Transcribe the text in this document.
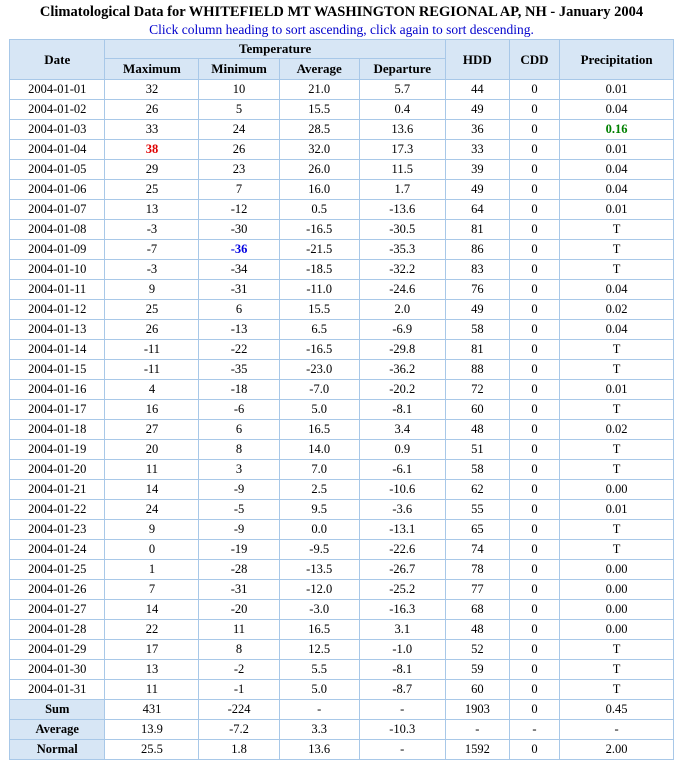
Climatological Data for WHITEFIELD MT WASHINGTON REGIONAL AP, NH - January 2004
Click column heading to sort ascending, click again to sort descending.
Date	Temperature				HDD	CDD	Precipitation
	Maximum	Minimum	Average	Departure			
2004-01-01	32	10	21.0	5.7	44	0	0.01
2004-01-02	26	5	15.5	0.4	49	0	0.04
2004-01-03	33	24	28.5	13.6	36	0	0.16
2004-01-04	38	26	32.0	17.3	33	0	0.01
2004-01-05	29	23	26.0	11.5	39	0	0.04
2004-01-06	25	7	16.0	1.7	49	0	0.04
2004-01-07	13	-12	0.5	-13.6	64	0	0.01
2004-01-08	-3	-30	-16.5	-30.5	81	0	T
2004-01-09	-7	-36	-21.5	-35.3	86	0	T
2004-01-10	-3	-34	-18.5	-32.2	83	0	T
2004-01-11	9	-31	-11.0	-24.6	76	0	0.04
2004-01-12	25	6	15.5	2.0	49	0	0.02
2004-01-13	26	-13	6.5	-6.9	58	0	0.04
2004-01-14	-11	-22	-16.5	-29.8	81	0	T
2004-01-15	-11	-35	-23.0	-36.2	88	0	T
2004-01-16	4	-18	-7.0	-20.2	72	0	0.01
2004-01-17	16	-6	5.0	-8.1	60	0	T
2004-01-18	27	6	16.5	3.4	48	0	0.02
2004-01-19	20	8	14.0	0.9	51	0	T
2004-01-20	11	3	7.0	-6.1	58	0	T
2004-01-21	14	-9	2.5	-10.6	62	0	0.00
2004-01-22	24	-5	9.5	-3.6	55	0	0.01
2004-01-23	9	-9	0.0	-13.1	65	0	T
2004-01-24	0	-19	-9.5	-22.6	74	0	T
2004-01-25	1	-28	-13.5	-26.7	78	0	0.00
2004-01-26	7	-31	-12.0	-25.2	77	0	0.00
2004-01-27	14	-20	-3.0	-16.3	68	0	0.00
2004-01-28	22	11	16.5	3.1	48	0	0.00
2004-01-29	17	8	12.5	-1.0	52	0	T
2004-01-30	13	-2	5.5	-8.1	59	0	T
2004-01-31	11	-1	5.0	-8.7	60	0	T
Sum	431	-224	-	-	1903	0	0.45
Average	13.9	-7.2	3.3	-10.3	-	-	-
Normal	25.5	1.8	13.6	-	1592	0	2.00
